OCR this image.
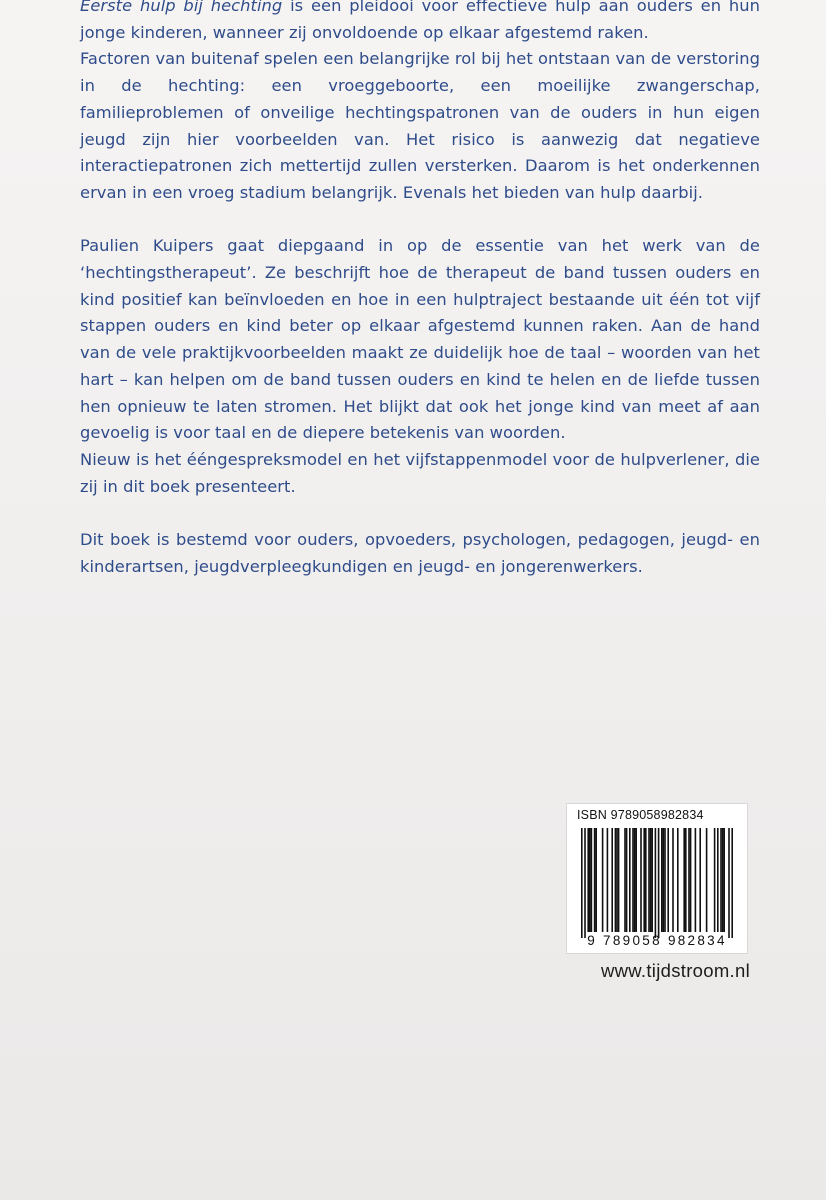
Eerste hulp bij hechting is een pleidooi voor effectieve hulp aan ouders en hun jonge kinderen, wanneer zij onvoldoende op elkaar afgestemd raken.

Factoren van buitenaf spelen een belangrijke rol bij het ontstaan van de verstoring in de hechting: een vroeggeboorte, een moeilijke zwangerschap, familieproblemen of onveilige hechtingspatronen van de ouders in hun eigen jeugd zijn hier voorbeelden van. Het risico is aanwezig dat negatieve interactiepatronen zich mettertijd zullen versterken. Daarom is het onderkennen ervan in een vroeg stadium belangrijk. Evenals het bieden van hulp daarbij.

Paulien Kuipers gaat diepgaand in op de essentie van het werk van de ‘hechtingstherapeut’. Ze beschrijft hoe de therapeut de band tussen ouders en kind positief kan beïnvloeden en hoe in een hulptraject bestaande uit één tot vijf stappen ouders en kind beter op elkaar afgestemd kunnen raken. Aan de hand van de vele praktijkvoorbeelden maakt ze duidelijk hoe de taal – woorden van het hart – kan helpen om de band tussen ouders en kind te helen en de liefde tussen hen opnieuw te laten stromen. Het blijkt dat ook het jonge kind van meet af aan gevoelig is voor taal en de diepere betekenis van woorden.

Nieuw is het ééngespreksmodel en het vijfstappenmodel voor de hulpverlener, die zij in dit boek presenteert.

Dit boek is bestemd voor ouders, opvoeders, psychologen, pedagogen, jeugd- en kinderartsen, jeugdverpleegkundigen en jeugd- en jongerenwerkers.

ISBN 9789058982834
9 789058 982834
www.tijdstroom.nl
